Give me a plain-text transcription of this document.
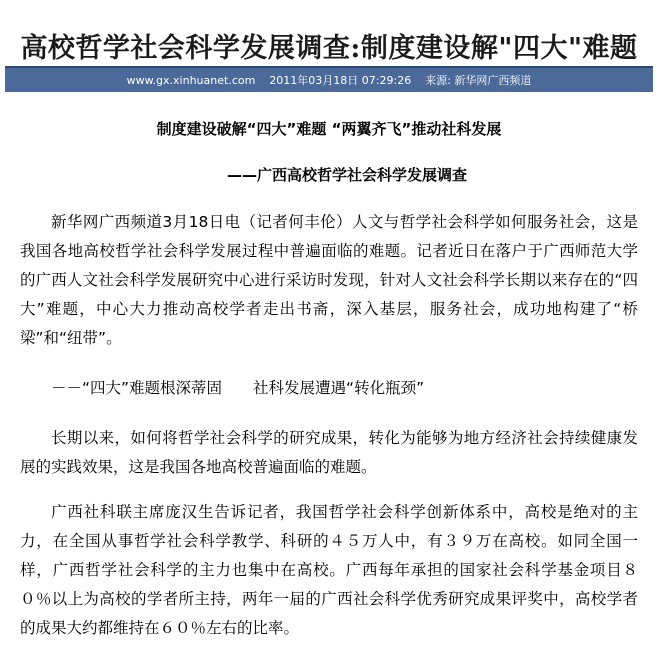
高校哲学社会科学发展调查:制度建设解"四大"难题
www.gx.xinhuanet.com 2011年03月18日 07:29:26 来源: 新华网广西频道

制度建设破解“四大”难题 “两翼齐飞”推动社科发展

——广西高校哲学社会科学发展调查

新华网广西频道3月18日电（记者何丰伦）人文与哲学社会科学如何服务社会，这是我国各地高校哲学社会科学发展过程中普遍面临的难题。记者近日在落户于广西师范大学的广西人文社会科学发展研究中心进行采访时发现，针对人文社会科学长期以来存在的“四大”难题，中心大力推动高校学者走出书斋，深入基层，服务社会，成功地构建了“桥梁”和“纽带”。

－－“四大”难题根深蒂固　　社科发展遭遇“转化瓶颈”

长期以来，如何将哲学社会科学的研究成果，转化为能够为地方经济社会持续健康发展的实践效果，这是我国各地高校普遍面临的难题。

广西社科联主席庞汉生告诉记者，我国哲学社会科学创新体系中，高校是绝对的主力，在全国从事哲学社会科学教学、科研的４５万人中，有３９万在高校。如同全国一样，广西哲学社会科学的主力也集中在高校。广西每年承担的国家社会科学基金项目８０％以上为高校的学者所主持，两年一届的广西社会科学优秀研究成果评奖中，高校学者的成果大约都维持在６０％左右的比率。
